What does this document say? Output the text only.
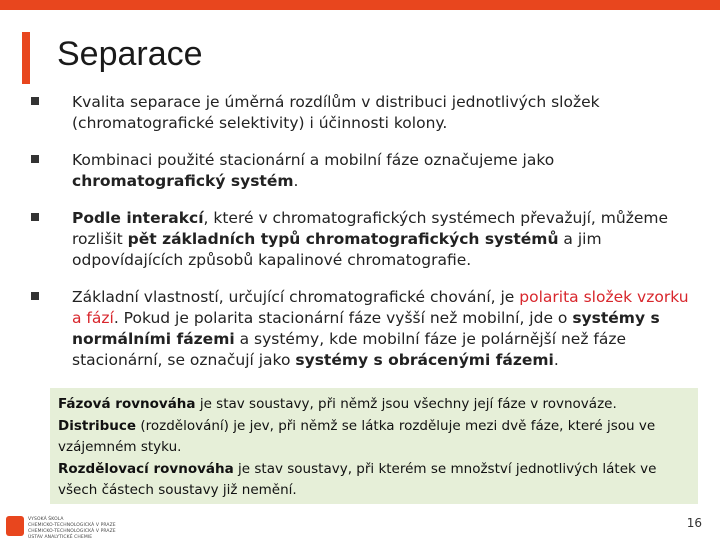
Separace
Kvalita separace je úměrná rozdílům v distribuci jednotlivých složek (chromatografické selektivity) i účinnosti kolony.
Kombinaci použité stacionární a mobilní fáze označujeme jako chromatografický systém.
Podle interakcí, které v chromatografických systémech převažují, můžeme rozlišit pět základních typů chromatografických systémů a jim odpovídajících způsobů kapalinové chromatografie.
Základní vlastností, určující chromatografické chování, je polarita složek vzorku a fází. Pokud je polarita stacionární fáze vyšší než mobilní, jde o systémy s normálními fázemi a systémy, kde mobilní fáze je polárnější než fáze stacionární, se označují jako systémy s obrácenými fázemi.

Fázová rovnováha je stav soustavy, při němž jsou všechny její fáze v rovnováze.

Distribuce (rozdělování) je jev, při němž se látka rozděluje mezi dvě fáze, které jsou ve vzájemném styku.

Rozdělovací rovnováha je stav soustavy, při kterém se množství jednotlivých látek ve všech částech soustavy již nemění.

VYSOKÁ ŠKOLA
CHEMICKO-TECHNOLOGICKÁ V PRAZE
CHEMICKO-TECHNOLOGICKÁ V PRAZE
ÚSTAV ANALYTICKÉ CHEMIE
16
